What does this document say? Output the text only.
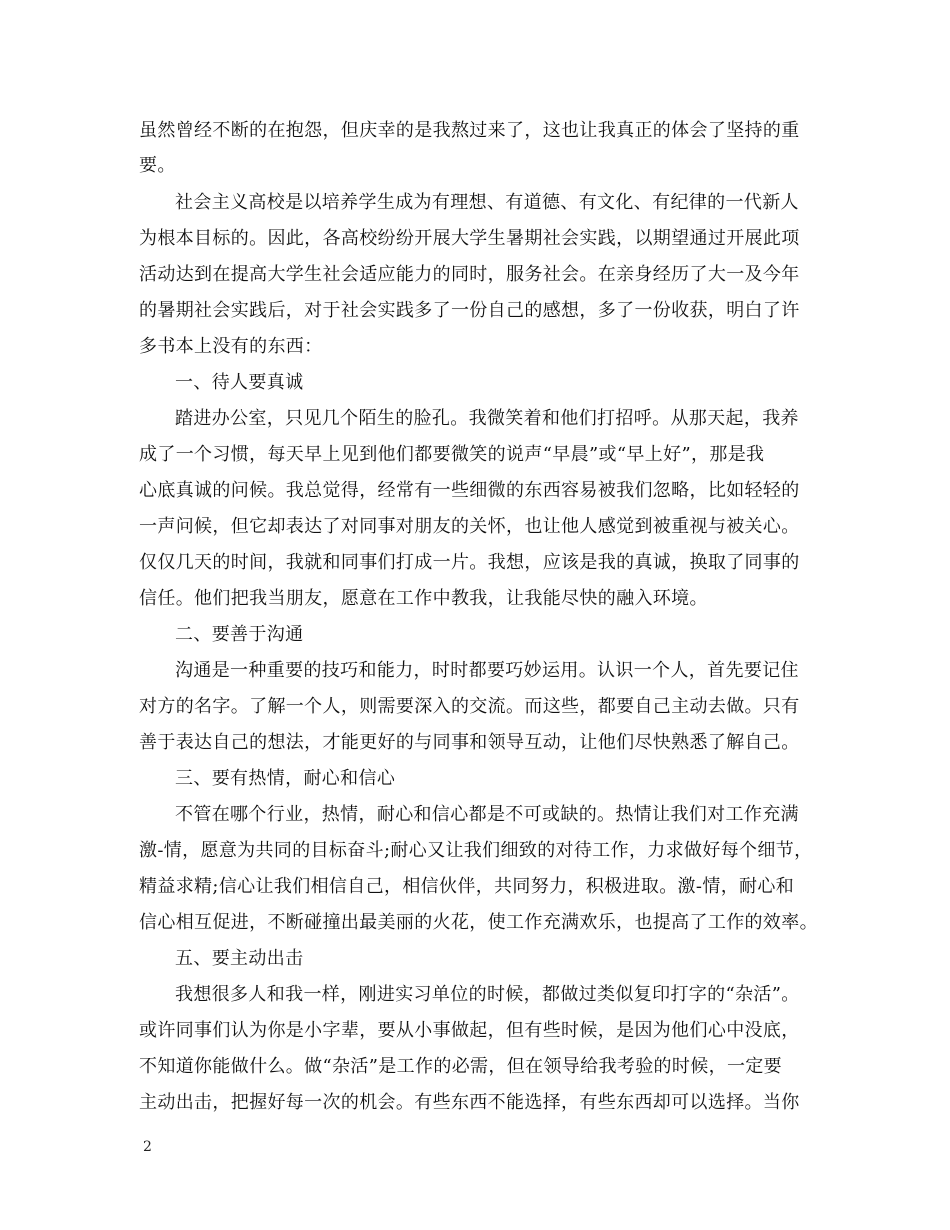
虽然曾经不断的在抱怨，但庆幸的是我熬过来了，这也让我真正的体会了坚持的重
要。
社会主义高校是以培养学生成为有理想、有道德、有文化、有纪律的一代新人
为根本目标的。因此，各高校纷纷开展大学生暑期社会实践，以期望通过开展此项
活动达到在提高大学生社会适应能力的同时，服务社会。在亲身经历了大一及今年
的暑期社会实践后，对于社会实践多了一份自己的感想，多了一份收获，明白了许
多书本上没有的东西：
一、待人要真诚
踏进办公室，只见几个陌生的脸孔。我微笑着和他们打招呼。从那天起，我养
成了一个习惯，每天早上见到他们都要微笑的说声“早晨”或“早上好”，那是我
心底真诚的问候。我总觉得，经常有一些细微的东西容易被我们忽略，比如轻轻的
一声问候，但它却表达了对同事对朋友的关怀，也让他人感觉到被重视与被关心。
仅仅几天的时间，我就和同事们打成一片。我想，应该是我的真诚，换取了同事的
信任。他们把我当朋友，愿意在工作中教我，让我能尽快的融入环境。
二、要善于沟通
沟通是一种重要的技巧和能力，时时都要巧妙运用。认识一个人，首先要记住
对方的名字。了解一个人，则需要深入的交流。而这些，都要自己主动去做。只有
善于表达自己的想法，才能更好的与同事和领导互动，让他们尽快熟悉了解自己。
三、要有热情，耐心和信心
不管在哪个行业，热情，耐心和信心都是不可或缺的。热情让我们对工作充满
激-情，愿意为共同的目标奋斗;耐心又让我们细致的对待工作，力求做好每个细节，
精益求精;信心让我们相信自己，相信伙伴，共同努力，积极进取。激-情，耐心和
信心相互促进，不断碰撞出最美丽的火花，使工作充满欢乐，也提高了工作的效率。
五、要主动出击
我想很多人和我一样，刚进实习单位的时候，都做过类似复印打字的“杂活”。
或许同事们认为你是小字辈，要从小事做起，但有些时候，是因为他们心中没底，
不知道你能做什么。做“杂活”是工作的必需，但在领导给我考验的时候，一定要
主动出击，把握好每一次的机会。有些东西不能选择，有些东西却可以选择。当你
2
